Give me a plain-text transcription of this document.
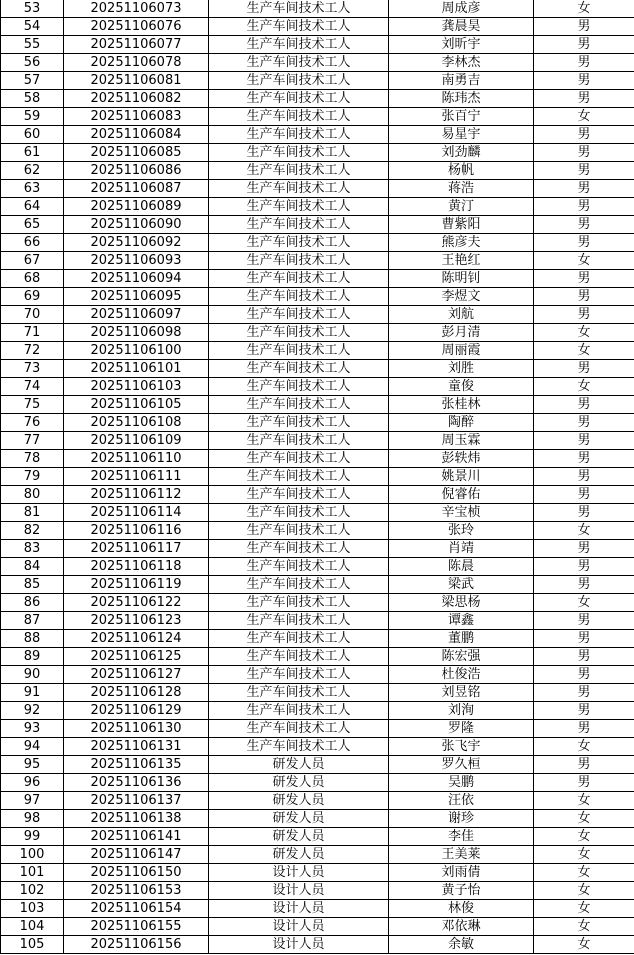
53	20251106073	生产车间技术工人	周成彦	女
54	20251106076	生产车间技术工人	龚晨昊	男
55	20251106077	生产车间技术工人	刘昕宇	男
56	20251106078	生产车间技术工人	李林杰	男
57	20251106081	生产车间技术工人	南勇吉	男
58	20251106082	生产车间技术工人	陈玮杰	男
59	20251106083	生产车间技术工人	张百宁	女
60	20251106084	生产车间技术工人	易星宇	男
61	20251106085	生产车间技术工人	刘劲麟	男
62	20251106086	生产车间技术工人	杨帆	男
63	20251106087	生产车间技术工人	蒋浩	男
64	20251106089	生产车间技术工人	黄汀	男
65	20251106090	生产车间技术工人	曹紫阳	男
66	20251106092	生产车间技术工人	熊彦夫	男
67	20251106093	生产车间技术工人	王艳红	女
68	20251106094	生产车间技术工人	陈明钊	男
69	20251106095	生产车间技术工人	李煜文	男
70	20251106097	生产车间技术工人	刘航	男
71	20251106098	生产车间技术工人	彭月清	女
72	20251106100	生产车间技术工人	周丽霞	女
73	20251106101	生产车间技术工人	刘胜	男
74	20251106103	生产车间技术工人	童俊	女
75	20251106105	生产车间技术工人	张桂林	男
76	20251106108	生产车间技术工人	陶醉	男
77	20251106109	生产车间技术工人	周玉霖	男
78	20251106110	生产车间技术工人	彭轶炜	男
79	20251106111	生产车间技术工人	姚景川	男
80	20251106112	生产车间技术工人	倪睿佑	男
81	20251106114	生产车间技术工人	辛宝桢	男
82	20251106116	生产车间技术工人	张玲	女
83	20251106117	生产车间技术工人	肖靖	男
84	20251106118	生产车间技术工人	陈晨	男
85	20251106119	生产车间技术工人	梁武	男
86	20251106122	生产车间技术工人	梁思杨	女
87	20251106123	生产车间技术工人	谭鑫	男
88	20251106124	生产车间技术工人	董鹏	男
89	20251106125	生产车间技术工人	陈宏强	男
90	20251106127	生产车间技术工人	杜俊浩	男
91	20251106128	生产车间技术工人	刘昱铭	男
92	20251106129	生产车间技术工人	刘洵	男
93	20251106130	生产车间技术工人	罗隆	男
94	20251106131	生产车间技术工人	张飞宇	女
95	20251106135	研发人员	罗久桓	男
96	20251106136	研发人员	吴鹏	男
97	20251106137	研发人员	汪依	女
98	20251106138	研发人员	谢珍	女
99	20251106141	研发人员	李佳	女
100	20251106147	研发人员	王美莱	女
101	20251106150	设计人员	刘雨倩	女
102	20251106153	设计人员	黄子怡	女
103	20251106154	设计人员	林俊	女
104	20251106155	设计人员	邓依琳	女
105	20251106156	设计人员	余敏	女
